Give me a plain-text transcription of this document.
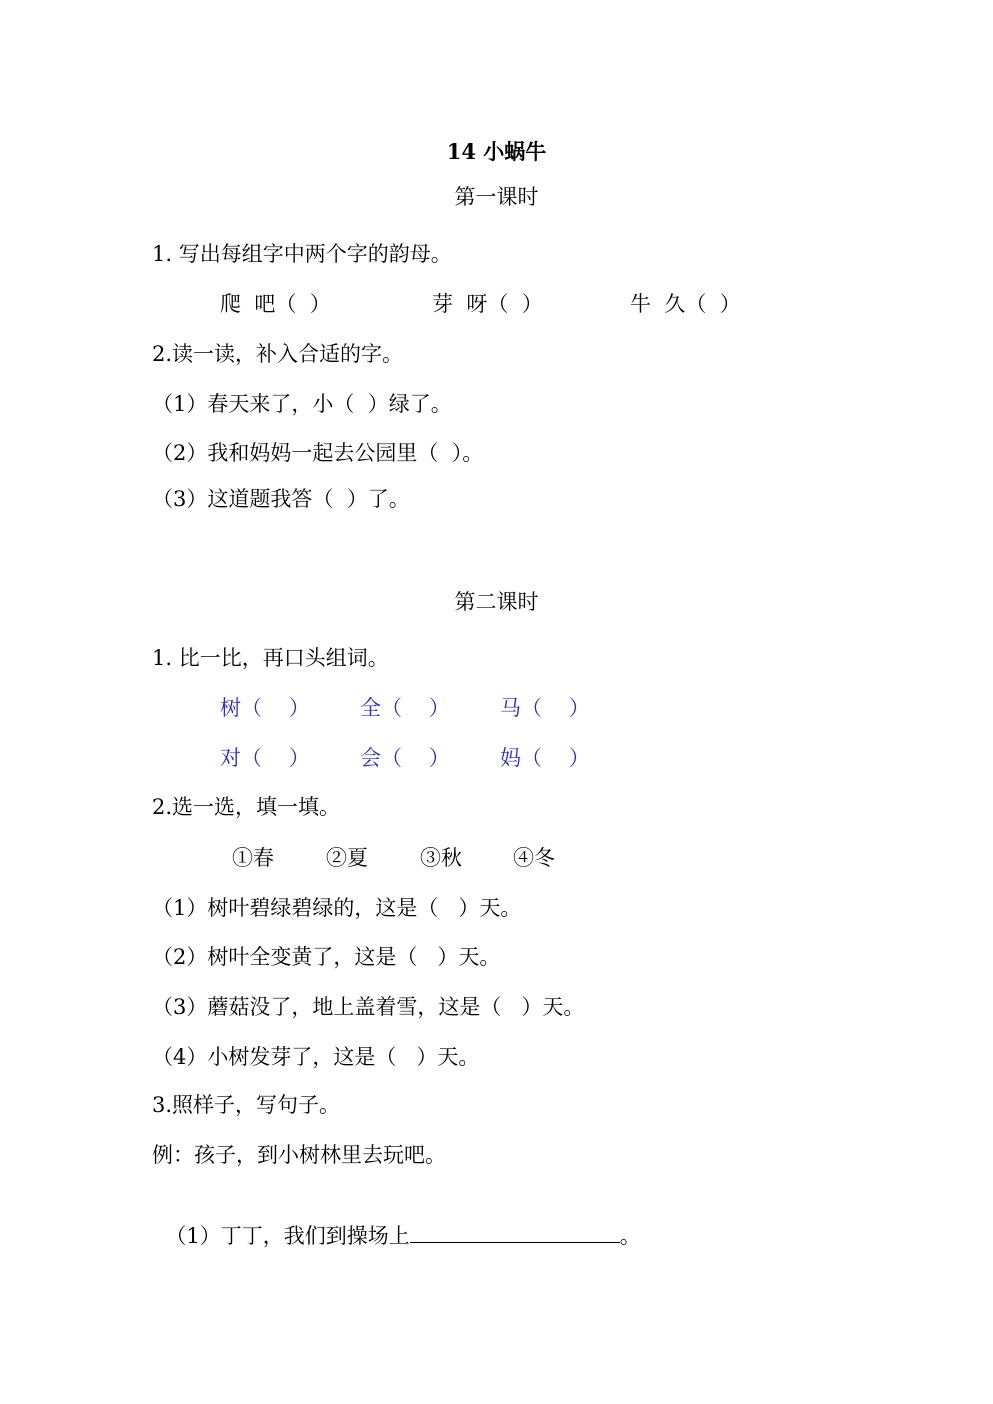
14 小蜗牛
第一课时
1. 写出每组字中两个字的韵母。
爬  吧（  ）	芽  呀（  ）	牛  久（  ）
2.读一读，补入合适的字。
（1）春天来了，小（  ）绿了。
（2）我和妈妈一起去公园里（  ）。
（3）这道题我答（  ）了。
第二课时
1. 比一比，再口头组词。
树（    ） 全（    ） 马（    ）
对（    ） 会（    ） 妈（    ）
2.选一选，填一填。
①春 ②夏 ③秋 ④冬
（1）树叶碧绿碧绿的，这是（   ）天。
（2）树叶全变黄了，这是（   ）天。
（3）蘑菇没了，地上盖着雪，这是（   ）天。
（4）小树发芽了，这是（   ）天。
3.照样子，写句子。
例：孩子，到小树林里去玩吧。

（1）丁丁，我们到操场上	。
